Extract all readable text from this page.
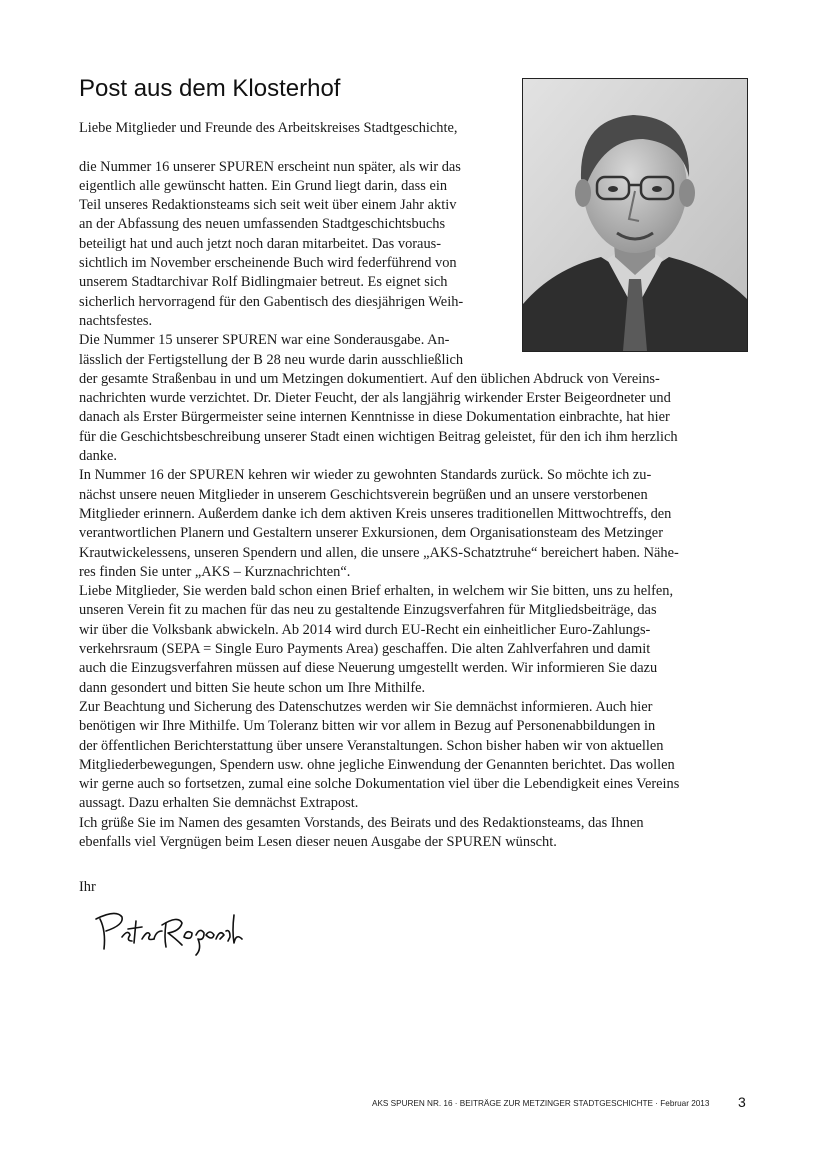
Post aus dem Klosterhof
Liebe Mitglieder und Freunde des Arbeitskreises Stadtgeschichte,
die Nummer 16 unserer SPUREN erscheint nun später, als wir das
eigentlich alle gewünscht hatten. Ein Grund liegt darin, dass ein
Teil unseres Redaktionsteams sich seit weit über einem Jahr aktiv
an der Abfassung des neuen umfassenden Stadtgeschichtsbuchs
beteiligt hat und auch jetzt noch daran mitarbeitet. Das voraus-
sichtlich im November erscheinende Buch wird federführend von
unserem Stadtarchivar Rolf Bidlingmaier betreut. Es eignet sich
sicherlich hervorragend für den Gabentisch des diesjährigen Weih-
nachtsfestes.
Die Nummer 15 unserer SPUREN war eine Sonderausgabe. An-
lässlich der Fertigstellung der B 28 neu wurde darin ausschließlich
der gesamte Straßenbau in und um Metzingen dokumentiert. Auf den üblichen Abdruck von Vereins-
nachrichten wurde verzichtet. Dr. Dieter Feucht, der als langjährig wirkender Erster Beigeordneter und
danach als Erster Bürgermeister seine internen Kenntnisse in diese Dokumentation einbrachte, hat hier
für die Geschichtsbeschreibung unserer Stadt einen wichtigen Beitrag geleistet, für den ich ihm herzlich
danke.
In Nummer 16 der SPUREN kehren wir wieder zu gewohnten Standards zurück. So möchte ich zu-
nächst unsere neuen Mitglieder in unserem Geschichtsverein begrüßen und an unsere verstorbenen
Mitglieder erinnern. Außerdem danke ich dem aktiven Kreis unseres traditionellen Mittwochtreffs, den
verantwortlichen Planern und Gestaltern unserer Exkursionen, dem Organisationsteam des Metzinger
Krautwickelessens, unseren Spendern und allen, die unsere „AKS-Schatztruhe“ bereichert haben. Nähe-
res finden Sie unter „AKS – Kurznachrichten“.
Liebe Mitglieder, Sie werden bald schon einen Brief erhalten, in welchem wir Sie bitten, uns zu helfen,
unseren Verein fit zu machen für das neu zu gestaltende Einzugsverfahren für Mitgliedsbeiträge, das
wir über die Volksbank abwickeln. Ab 2014 wird durch EU-Recht ein einheitlicher Euro-Zahlungs-
verkehrsraum (SEPA = Single Euro Payments Area) geschaffen. Die alten Zahlverfahren und damit
auch die Einzugsverfahren müssen auf diese Neuerung umgestellt werden. Wir informieren Sie dazu
dann gesondert und bitten Sie heute schon um Ihre Mithilfe.
Zur Beachtung und Sicherung des Datenschutzes werden wir Sie demnächst informieren. Auch hier
benötigen wir Ihre Mithilfe. Um Toleranz bitten wir vor allem in Bezug auf Personenabbildungen in
der öffentlichen Berichterstattung über unsere Veranstaltungen. Schon bisher haben wir von aktuellen
Mitgliederbewegungen, Spendern usw. ohne jegliche Einwendung der Genannten berichtet. Das wollen
wir gerne auch so fortsetzen, zumal eine solche Dokumentation viel über die Lebendigkeit eines Vereins
aussagt. Dazu erhalten Sie demnächst Extrapost.
Ich grüße Sie im Namen des gesamten Vorstands, des Beirats und des Redaktionsteams, das Ihnen
ebenfalls viel Vergnügen beim Lesen dieser neuen Ausgabe der SPUREN wünscht.
Ihr
AKS SPUREN NR. 16 · BEITRÄGE ZUR METZINGER STADTGESCHICHTE · Februar 2013 3
